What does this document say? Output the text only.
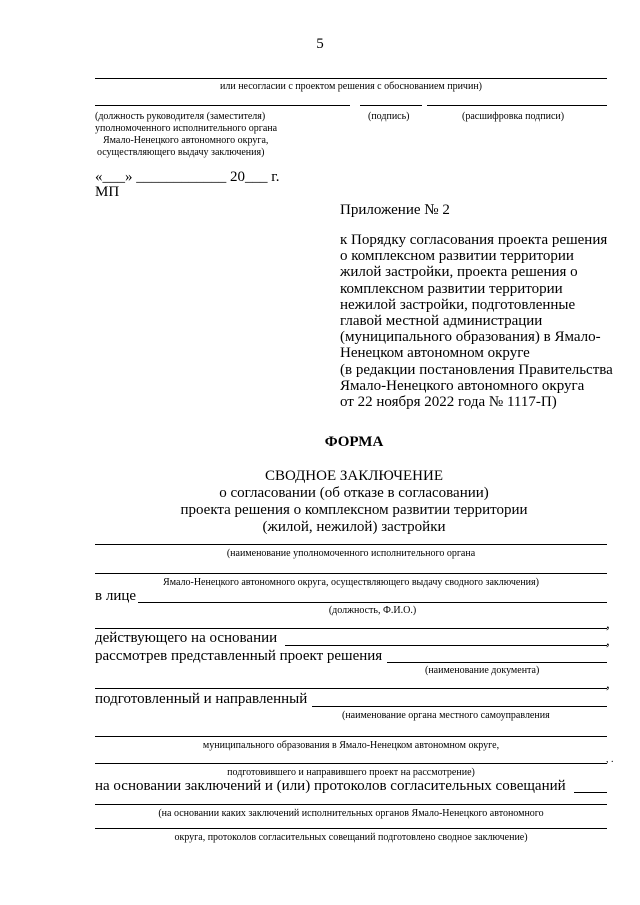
5
или несогласии с проектом решения с обоснованием причин)
(должность руководителя (заместителя)
уполномоченного исполнительного органа
Ямало-Ненецкого автономного округа,
осуществляющего выдачу заключения)
(подпись)	(расшифровка подписи)
«___» ____________ 20___ г.
МП
Приложение № 2
к Порядку согласования проекта решения
о комплексном развитии территории
жилой застройки, проекта решения о
комплексном развитии территории
нежилой застройки, подготовленные
главой местной администрации
(муниципального образования) в Ямало-
Ненецком автономном округе
(в редакции постановления Правительства
Ямало-Ненецкого автономного округа
от 22 ноября 2022 года № 1117-П)
ФОРМА
СВОДНОЕ ЗАКЛЮЧЕНИЕ
о согласовании (об отказе в согласовании)
проекта решения о комплексном развитии территории
(жилой, нежилой) застройки
(наименование уполномоченного исполнительного органа
Ямало-Ненецкого автономного округа, осуществляющего выдачу сводного заключения)
в лице
(должность, Ф.И.О.)
,
действующего на основании	,
рассмотрев представленный проект решения
(наименование документа)
,
подготовленный и направленный
(наименование органа местного самоуправления
муниципального образования в Ямало-Ненецком автономном округе,
, .
подготовившего и направившего проект на рассмотрение)
на основании заключений и (или) протоколов согласительных совещаний
(на основании каких заключений исполнительных органов Ямало-Ненецкого автономного
округа, протоколов согласительных совещаний подготовлено сводное заключение)
